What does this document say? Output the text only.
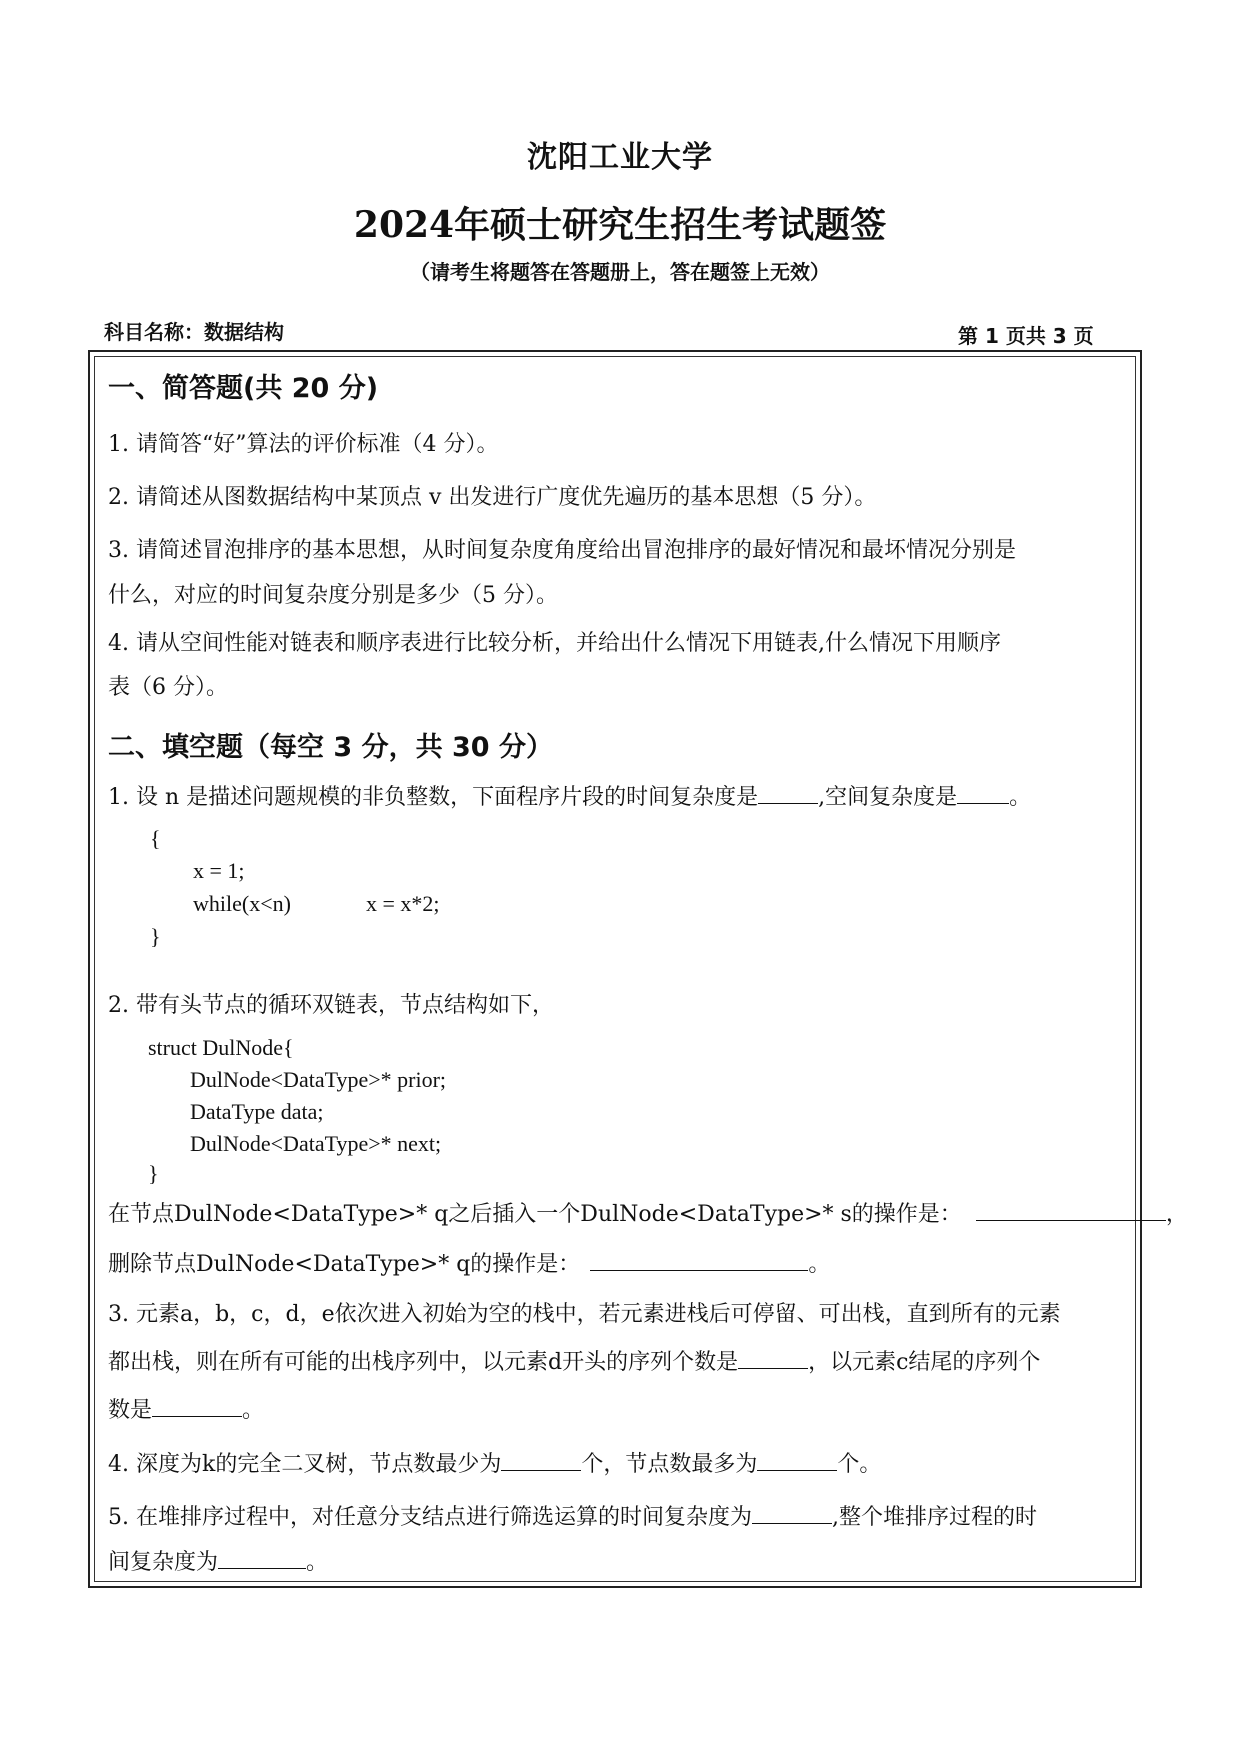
沈阳工业大学
2024年硕士研究生招生考试题签
（请考生将题答在答题册上，答在题签上无效）
科目名称：数据结构	第 1 页共 3 页
一、简答题(共 20 分)
1. 请简答“好”算法的评价标准（4 分）。
2. 请简述从图数据结构中某顶点 v 出发进行广度优先遍历的基本思想（5 分）。
3. 请简述冒泡排序的基本思想，从时间复杂度角度给出冒泡排序的最好情况和最坏情况分别是
什么，对应的时间复杂度分别是多少（5 分）。
4. 请从空间性能对链表和顺序表进行比较分析，并给出什么情况下用链表,什么情况下用顺序
表（6 分）。
二、填空题（每空 3 分，共 30 分）
1. 设 n 是描述问题规模的非负整数，下面程序片段的时间复杂度是	,空间复杂度是 。
{
x = 1;
while(x<n)	x = x*2;
}
2. 带有头节点的循环双链表，节点结构如下，
struct DulNode{
DulNode<DataType>* prior;
DataType data;
DulNode<DataType>* next;
}
在节点DulNode<DataType>* q之后插入一个DulNode<DataType>* s的操作是：	，
删除节点DulNode<DataType>* q的操作是：	。
3. 元素a，b，c，d，e依次进入初始为空的栈中，若元素进栈后可停留、可出栈，直到所有的元素
都出栈，则在所有可能的出栈序列中，以元素d开头的序列个数是	，以元素c结尾的序列个
数是	。
4. 深度为k的完全二叉树，节点数最少为	个，节点数最多为	个。
5. 在堆排序过程中，对任意分支结点进行筛选运算的时间复杂度为	,整个堆排序过程的时
间复杂度为	。
